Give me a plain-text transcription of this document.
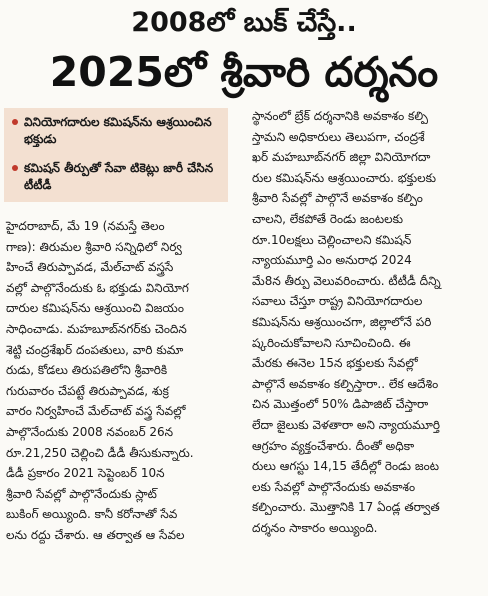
2008లో బుక్ చేస్తే..
2025లో శ్రీవారి దర్శనం
వినియోగదారుల కమిషన్‌ను ఆశ్రయించిన భక్తుడు
కమిషన్ తీర్పుతో సేవా టికెట్లు జారీ చేసిన టీటీడీ

హైదరాబాద్, మే 19 (నమస్తే తెలం
గాణ): తిరుమల శ్రీవారి సన్నిధిలో నిర్వ
హించే తిరుప్పావడ, మేల్‌చాట్ వస్త్రసే
వల్లో పాల్గొనేందుకు ఓ భక్తుడు వినియోగ
దారుల కమిషన్‌ను ఆశ్రయించి విజయం
సాధించాడు. మహబూబ్‌నగర్‌కు చెందిన
శెట్టి చంద్రశేఖర్ దంపతులు, వారి కుమా
రుడు, కోడలు తిరుపతిలోని శ్రీవారికి
గురువారం చేపట్టే తిరుప్పావడ, శుక్ర
వారం నిర్వహించే మేల్‌చాట్ వస్త్ర సేవల్లో
పాల్గొనేందుకు 2008 నవంబర్ 26న
రూ.21,250 చెల్లించి డీడీ తీసుకున్నారు.
డీడీ ప్రకారం 2021 సెప్టెంబర్ 10న
శ్రీవారి సేవల్లో పాల్గొనేందుకు స్లాట్
బుకింగ్ అయ్యింది. కానీ కరోనాతో సేవ
లను రద్దు చేశారు. ఆ తర్వాత ఆ సేవల

స్థానంలో బ్రేక్ దర్శనానికి అవకాశం కల్పి
స్తామని అధికారులు తెలుపగా, చంద్రశే
ఖర్ మహబూబ్‌నగర్ జిల్లా వినియోగదా
రుల కమిషన్‌ను ఆశ్రయించారు. భక్తులకు
శ్రీవారి సేవల్లో పాల్గొనే అవకాశం కల్పిం
చాలని, లేకపోతే రెండు జంటలకు
రూ.10లక్షలు చెల్లించాలని కమిషన్
న్యాయమూర్తి ఎం అనురాధ 2024
మే8న తీర్పు వెలువరించారు. టీటీడీ దీన్ని
సవాలు చేస్తూ రాష్ట్ర వినియోగదారుల
కమిషన్‌ను ఆశ్రయించగా, జిల్లాలోనే పరి
ష్కరించుకోవాలని సూచించింది. ఈ
మేరకు ఈనెల 15న భక్తులకు సేవల్లో
పాల్గొనే అవకాశం కల్పిస్తారా.. లేక ఆదేశిం
చిన మొత్తంలో 50% డిపాజిట్ చేస్తారా
లేదా జైలుకు వెళతారా అని న్యాయమూర్తి
ఆగ్రహం వ్యక్తంచేశారు. దీంతో అధికా
రులు ఆగస్టు 14,15 తేదీల్లో రెండు జంట
లకు సేవల్లో పాల్గొనేందుకు అవకాశం
కల్పించారు. మొత్తానికి 17 ఏండ్ల తర్వాత
దర్శనం సాకారం అయ్యింది.
